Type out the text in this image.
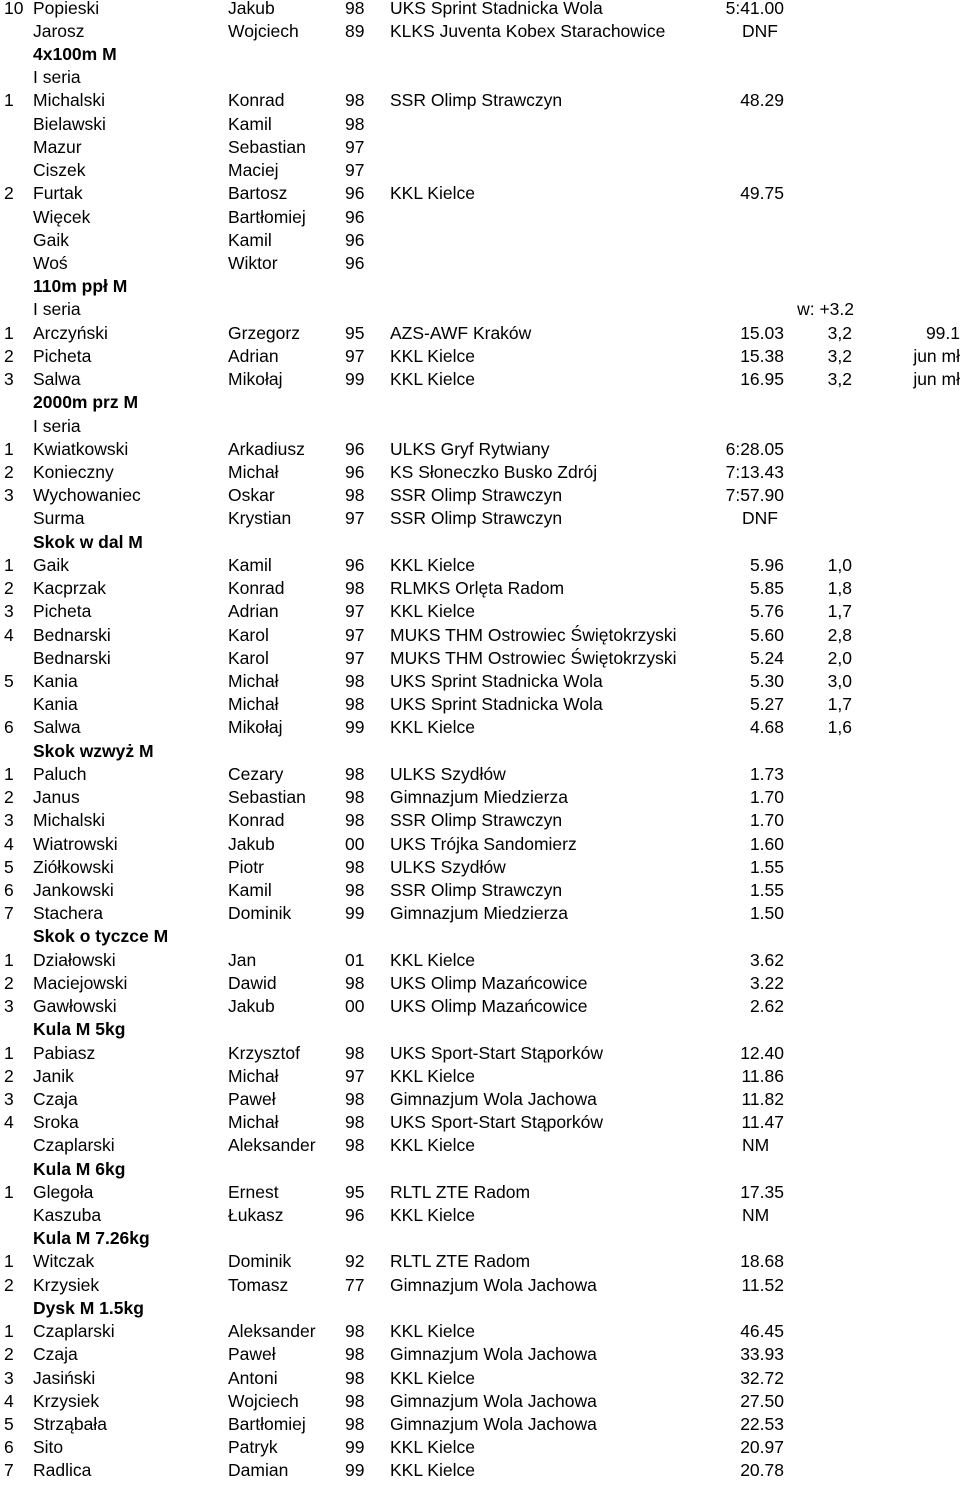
10 Popieski	Jakub	98 UKS Sprint Stadnicka Wola	5:41.00
Jarosz	Wojciech	89 KLKS Juventa Kobex Starachowice	DNF
4x100m M
I seria
1 Michalski	Konrad	98 SSR Olimp Strawczyn	48.29
Bielawski	Kamil	98
Mazur	Sebastian 97
Ciszek	Maciej	97
2 Furtak	Bartosz	96 KKL Kielce	49.75
Więcek	Bartłomiej 96
Gaik	Kamil	96
Woś	Wiktor	96
110m ppł M
I seria	w: +3.2
1 Arczyński	Grzegorz	95 AZS-AWF Kraków	15.03 3,2	99.1
2 Picheta	Adrian	97 KKL Kielce	15.38 3,2	jun mł
3 Salwa	Mikołaj	99 KKL Kielce	16.95 3,2	jun mł
2000m prz M
I seria
1 Kwiatkowski	Arkadiusz 96 ULKS Gryf Rytwiany	6:28.05
2 Konieczny	Michał	96 KS Słoneczko Busko Zdrój	7:13.43
3 Wychowaniec	Oskar	98 SSR Olimp Strawczyn	7:57.90
Surma	Krystian	97 SSR Olimp Strawczyn	DNF
Skok w dal M
1 Gaik	Kamil	96 KKL Kielce	5.96 1,0
2 Kacprzak	Konrad	98 RLMKS Orlęta Radom	5.85 1,8
3 Picheta	Adrian	97 KKL Kielce	5.76 1,7
4 Bednarski	Karol	97 MUKS THM Ostrowiec Świętokrzyski	5.60 2,8
Bednarski	Karol	97 MUKS THM Ostrowiec Świętokrzyski	5.24 2,0
5 Kania	Michał	98 UKS Sprint Stadnicka Wola	5.30 3,0
Kania	Michał	98 UKS Sprint Stadnicka Wola	5.27 1,7
6 Salwa	Mikołaj	99 KKL Kielce	4.68 1,6
Skok wzwyż M
1 Paluch	Cezary	98 ULKS Szydłów	1.73
2 Janus	Sebastian 98 Gimnazjum Miedzierza	1.70
3 Michalski	Konrad	98 SSR Olimp Strawczyn	1.70
4 Wiatrowski	Jakub	00 UKS Trójka Sandomierz	1.60
5 Ziółkowski	Piotr	98 ULKS Szydłów	1.55
6 Jankowski	Kamil	98 SSR Olimp Strawczyn	1.55
7 Stachera	Dominik	99 Gimnazjum Miedzierza	1.50
Skok o tyczce M
1 Działowski	Jan	01 KKL Kielce	3.62
2 Maciejowski	Dawid	98 UKS Olimp Mazańcowice	3.22
3 Gawłowski	Jakub	00 UKS Olimp Mazańcowice	2.62
Kula M 5kg
1 Pabiasz	Krzysztof	98 UKS Sport-Start Stąporków	12.40
2 Janik	Michał	97 KKL Kielce	11.86
3 Czaja	Paweł	98 Gimnazjum Wola Jachowa	11.82
4 Sroka	Michał	98 UKS Sport-Start Stąporków	11.47
Czaplarski	Aleksander 98 KKL Kielce	NM
Kula M 6kg
1 Glegoła	Ernest	95 RLTL ZTE Radom	17.35
Kaszuba	Łukasz	96 KKL Kielce	NM
Kula M 7.26kg
1 Witczak	Dominik	92 RLTL ZTE Radom	18.68
2 Krzysiek	Tomasz	77 Gimnazjum Wola Jachowa	11.52
Dysk M 1.5kg
1 Czaplarski	Aleksander 98 KKL Kielce	46.45
2 Czaja	Paweł	98 Gimnazjum Wola Jachowa	33.93
3 Jasiński	Antoni	98 KKL Kielce	32.72
4 Krzysiek	Wojciech	98 Gimnazjum Wola Jachowa	27.50
5 Strząbała	Bartłomiej 98 Gimnazjum Wola Jachowa	22.53
6 Sito	Patryk	99 KKL Kielce	20.97
7 Radlica	Damian	99 KKL Kielce	20.78
